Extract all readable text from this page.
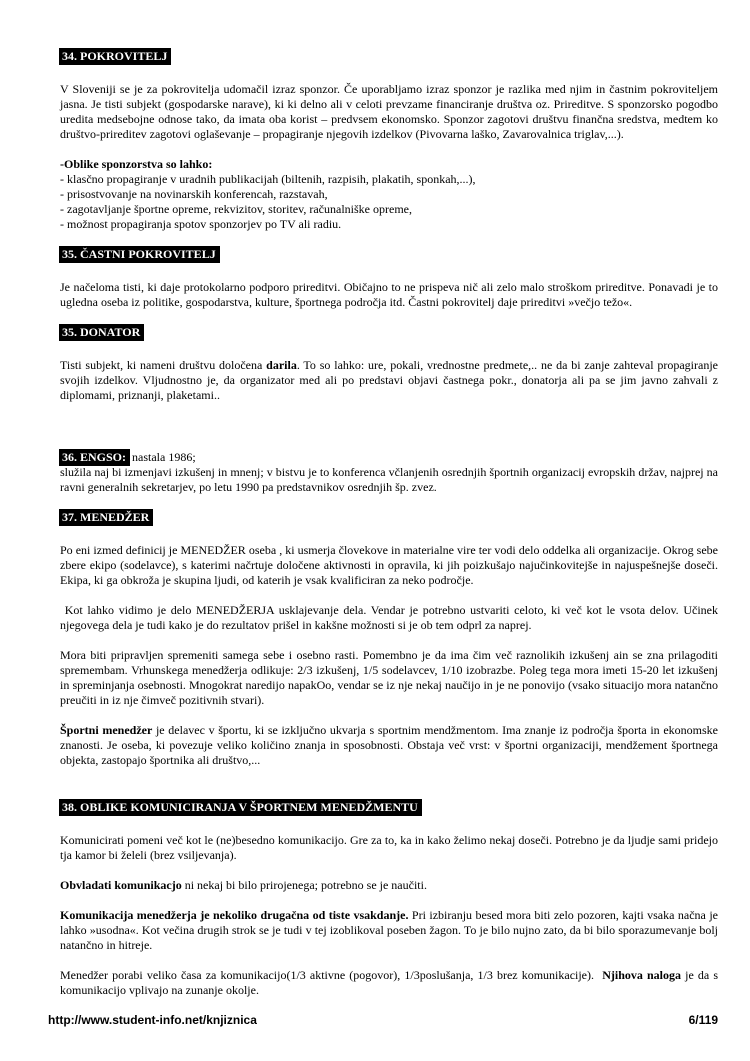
34. POKROVITELJ

V Sloveniji se je za pokrovitelja udomačil izraz sponzor. Če uporabljamo izraz sponzor je razlika med njim in častnim pokroviteljem jasna. Je tisti subjekt (gospodarske narave), ki ki delno ali v celoti prevzame financiranje društva oz. Prireditve. S sponzorsko pogodbo uredita medsebojne odnose tako, da imata oba korist – predvsem ekonomsko. Sponzor zagotovi društvu finančna sredstva, medtem ko društvo-prireditev zagotovi oglaševanje – propagiranje njegovih izdelkov (Pivovarna laško, Zavarovalnica triglav,...).

-Oblike sponzorstva so lahko:

- klasčno propagiranje v uradnih publikacijah (biltenih, razpisih, plakatih, sponkah,...),

- prisostvovanje na novinarskih konferencah, razstavah,

- zagotavljanje športne opreme, rekvizitov, storitev, računalniške opreme,

- možnost propagiranja spotov sponzorjev po TV ali radiu.

35. ČASTNI POKROVITELJ

Je načeloma tisti, ki daje protokolarno podporo prireditvi. Običajno to ne prispeva nič ali zelo malo stroškom prireditve. Ponavadi je to ugledna oseba iz politike, gospodarstva, kulture, športnega področja itd. Častni pokrovitelj daje prireditvi »večjo težo«.

35. DONATOR

Tisti subjekt, ki nameni društvu določena darila. To so lahko: ure, pokali, vrednostne predmete,.. ne da bi zanje zahteval propagiranje svojih izdelkov. Vljudnostno je, da organizator med ali po predstavi objavi častnega pokr., donatorja ali pa se jim javno zahvali z diplomami, priznanji, plaketami..

36. ENGSO: nastala 1986;

služila naj bi izmenjavi izkušenj in mnenj; v bistvu je to konferenca včlanjenih osrednjih športnih organizacij evropskih držav, najprej na ravni generalnih sekretarjev, po letu 1990 pa predstavnikov osrednjih šp. zvez.

37. MENEDŽER

Po eni izmed definicij je MENEDŽER oseba , ki usmerja človekove in materialne vire ter vodi delo oddelka ali organizacije. Okrog sebe zbere ekipo (sodelavce), s katerimi načrtuje določene aktivnosti in opravila, ki jih poizkušajo najučinkovitejše in najuspešnejše doseči. Ekipa, ki ga obkroža je skupina ljudi, od katerih je vsak kvalificiran za neko področje.

Kot lahko vidimo je delo MENEDŽERJA usklajevanje dela. Vendar je potrebno ustvariti celoto, ki več kot le vsota delov. Učinek njegovega dela je tudi kako je do rezultatov prišel in kakšne možnosti si je ob tem odprl za naprej.

Mora biti pripravljen spremeniti samega sebe i osebno rasti. Pomembno je da ima čim več raznolikih izkušenj ain se zna prilagoditi spremembam. Vrhunskega menedžerja odlikuje: 2/3 izkušenj, 1/5 sodelavcev, 1/10 izobrazbe. Poleg tega mora imeti 15-20 let izkušenj in spreminjanja osebnosti. Mnogokrat naredijo napakOo, vendar se iz nje nekaj naučijo in je ne ponovijo (vsako situacijo mora natančno preučiti in iz nje čimveč pozitivnih stvari).

Športni menedžer je delavec v športu, ki se izključno ukvarja s sportnim mendžmentom. Ima znanje iz področja športa in ekonomske znanosti. Je oseba, ki povezuje veliko količino znanja in sposobnosti. Obstaja več vrst: v športni organizaciji, mendžement športnega objekta, zastopajo športnika ali društvo,...

38. OBLIKE KOMUNICIRANJA V ŠPORTNEM MENEDŽMENTU

Komunicirati pomeni več kot le (ne)besedno komunikacijo. Gre za to, ka in kako želimo nekaj doseči. Potrebno je da ljudje sami pridejo tja kamor bi želeli (brez vsiljevanja).

Obvladati komunikacjo ni nekaj bi bilo prirojenega; potrebno se je naučiti.

Komunikacija menedžerja je nekoliko drugačna od tiste vsakdanje. Pri izbiranju besed mora biti zelo pozoren, kajti vsaka načna je lahko »usodna«. Kot večina drugih strok se je tudi v tej izoblikoval poseben žagon. To je bilo nujno zato, da bi bilo sporazumevanje bolj natančno in hitreje.

Menedžer porabi veliko časa za komunikacijo(1/3 aktivne (pogovor), 1/3poslušanja, 1/3 brez komunikacije).  Njihova naloga je da s komunikacijo vplivajo na zunanje okolje.

http://www.student-info.net/knjiznica	6/119
